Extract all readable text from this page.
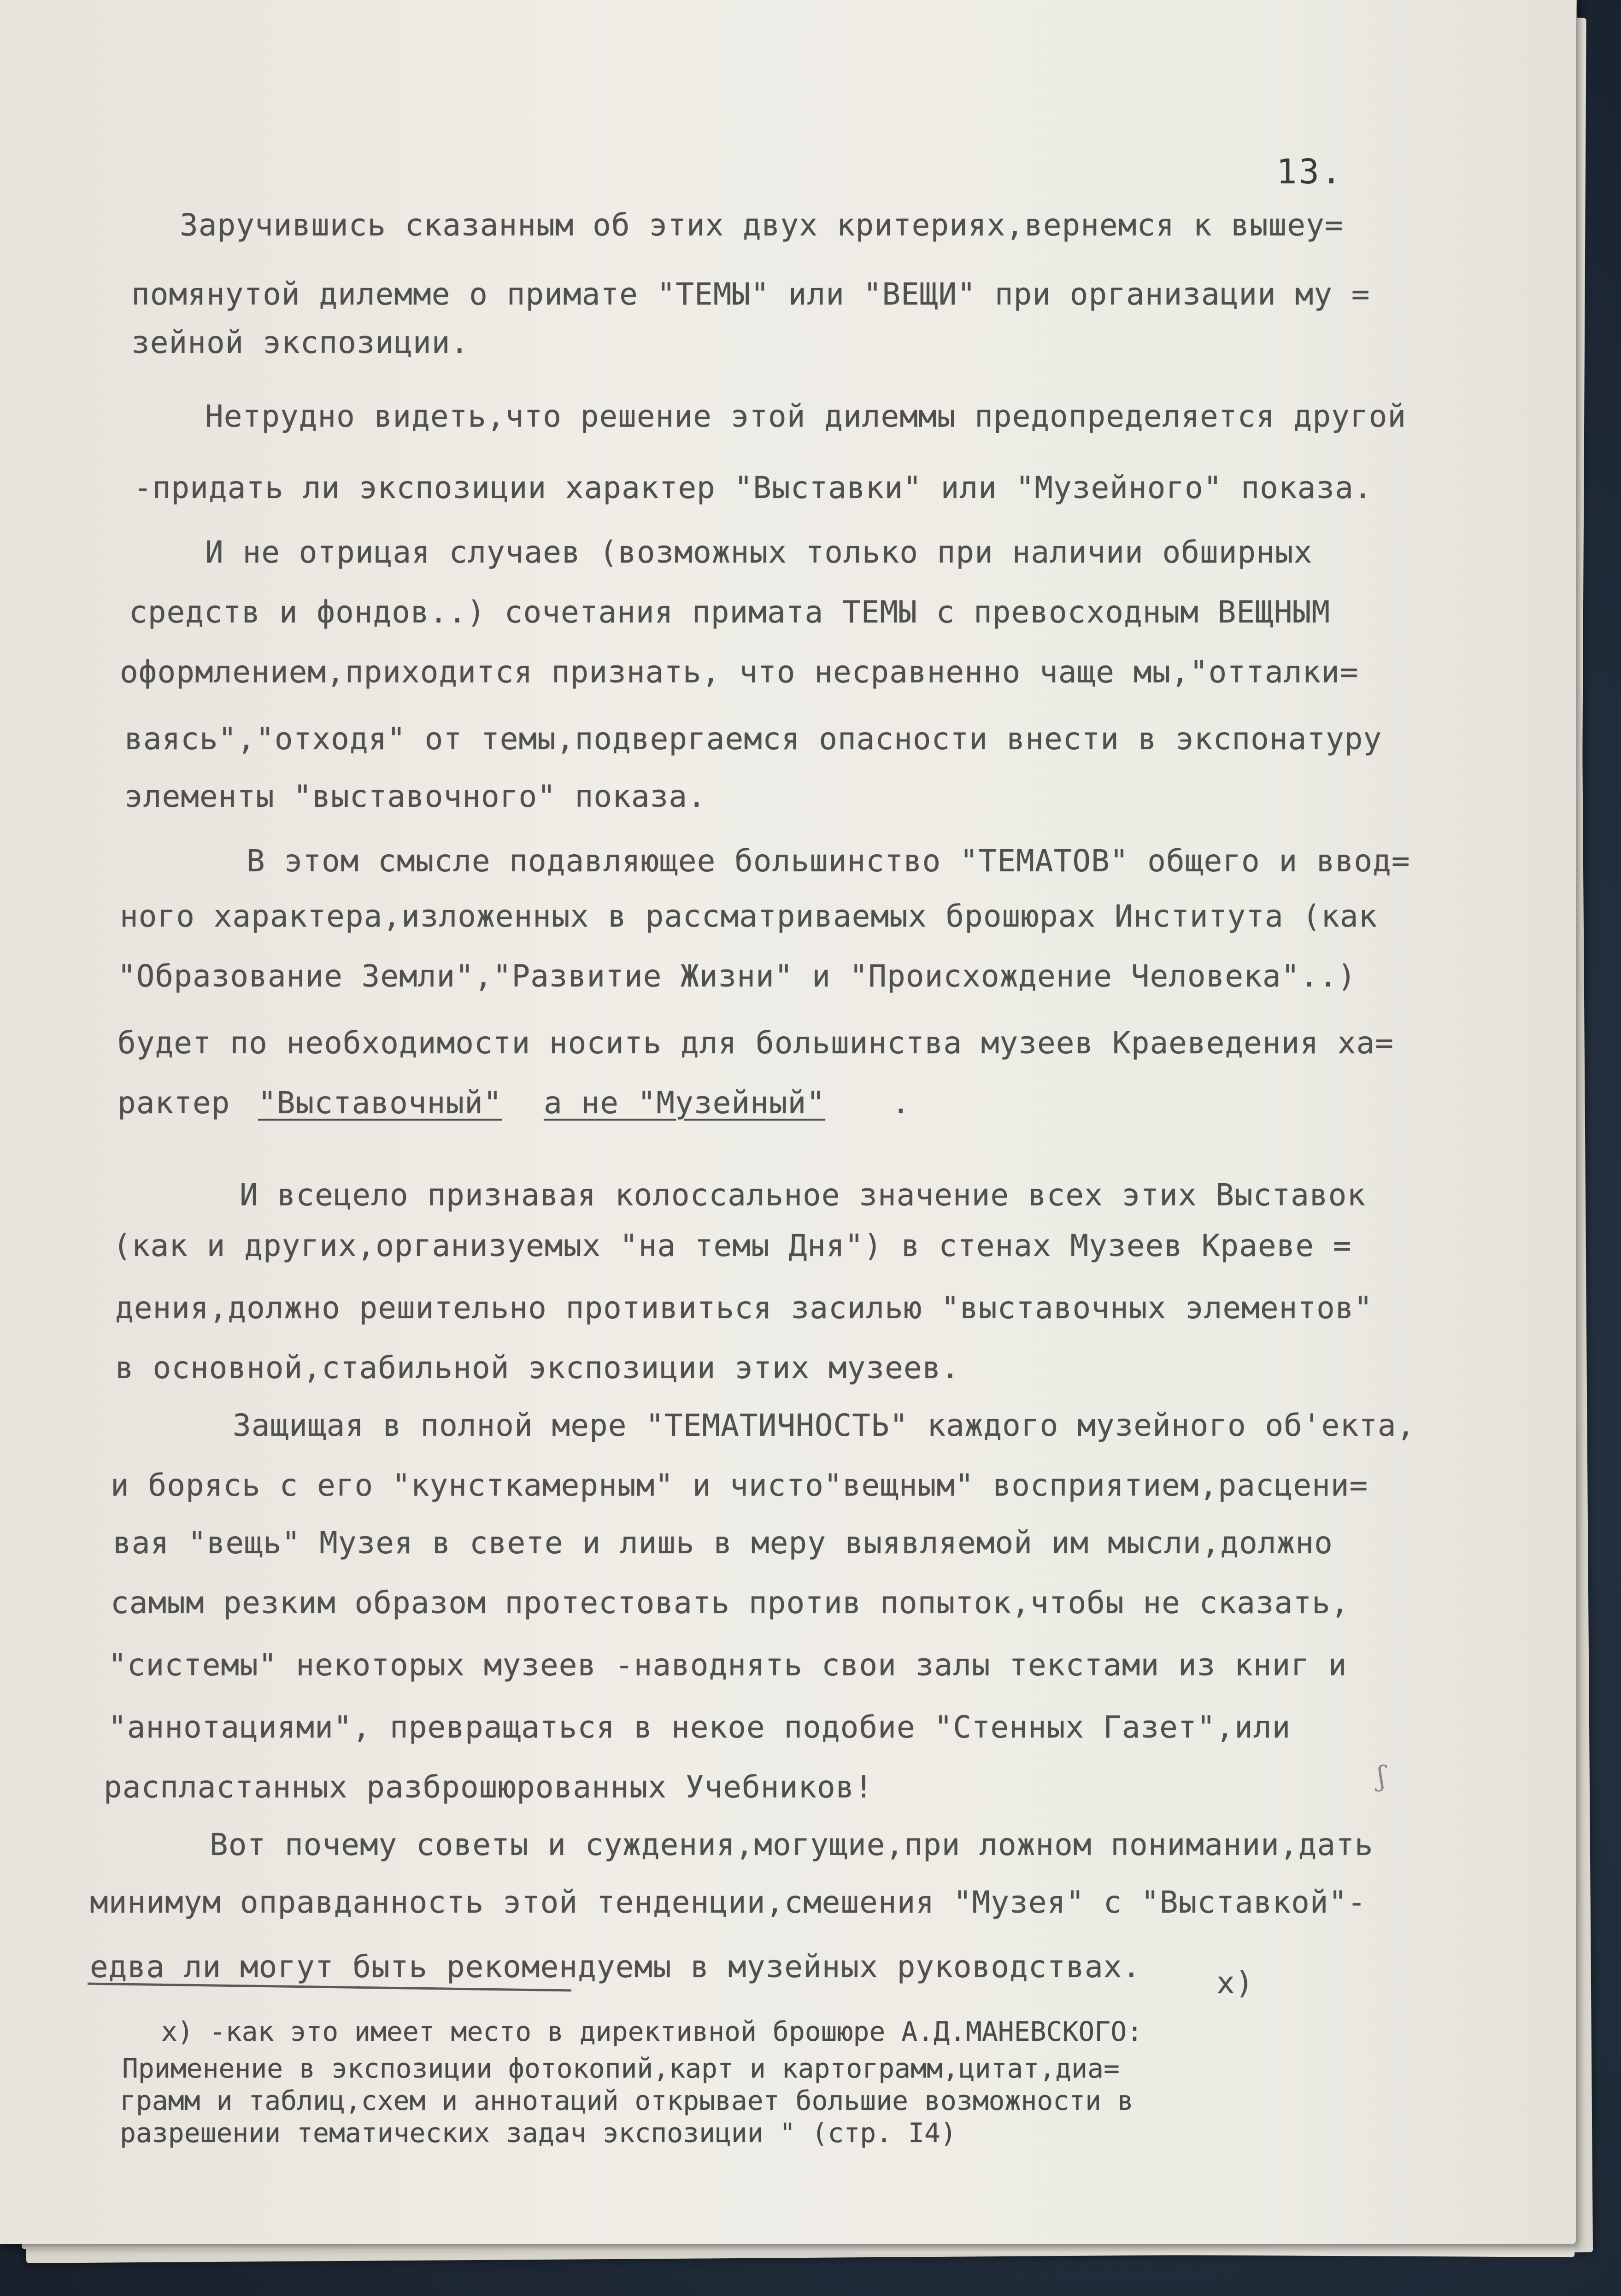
13.
Заручившись сказанным об этих двух критериях,вернемся к вышеу=
помянутой дилемме о примате "ТЕМЫ" или "ВЕЩИ" при организации му =
зейной экспозиции.
Нетрудно видеть,что решение этой дилеммы предопределяется другой
-придать ли экспозиции характер "Выставки" или "Музейного" показа.
И не отрицая случаев (возможных только при наличии обширных
средств и фондов..) сочетания примата ТЕМЫ с превосходным ВЕЩНЫМ
оформлением,приходится признать, что несравненно чаще мы,"отталки=
ваясь","отходя" от темы,подвергаемся опасности внести в экспонатуру
элементы "выставочного" показа.
В этом смысле подавляющее большинство "ТЕМАТОВ" общего и ввод=
ного характера,изложенных в рассматриваемых брошюрах Института (как
"Образование Земли","Развитие Жизни" и "Происхождение Человека"..)
будет по необходимости носить для большинства музеев Краеведения ха=
рактер "Выставочный" а не "Музейный" .
И всецело признавая колоссальное значение всех этих Выставок
(как и других,организуемых "на темы Дня") в стенах Музеев Краеве =
дения,должно решительно противиться засилью "выставочных элементов"
в основной,стабильной экспозиции этих музеев.
Защищая в полной мере "ТЕМАТИЧНОСТЬ" каждого музейного об'екта,
и борясь с его "кунсткамерным" и чисто"вещным" восприятием,расцени=
вая "вещь" Музея в свете и лишь в меру выявляемой им мысли,должно
самым резким образом протестовать против попыток,чтобы не сказать,
"системы" некоторых музеев -наводнять свои залы текстами из книг и
"аннотациями", превращаться в некое подобие "Стенных Газет",или
распластанных разброшюрованных Учебников!
Вот почему советы и суждения,могущие,при ложном понимании,дать
минимум оправданность этой тенденции,смешения "Музея" с "Выставкой"-
едва ли могут быть рекомендуемы в музейных руководствах. х)
х) -как это имеет место в директивной брошюре А.Д.МАНЕВСКОГО:
Применение в экспозиции фотокопий,карт и картограмм,цитат,диа=
грамм и таблиц,схем и аннотаций открывает большие возможности в
разрешении тематических задач экспозиции " (стр. I4)
ʃ
